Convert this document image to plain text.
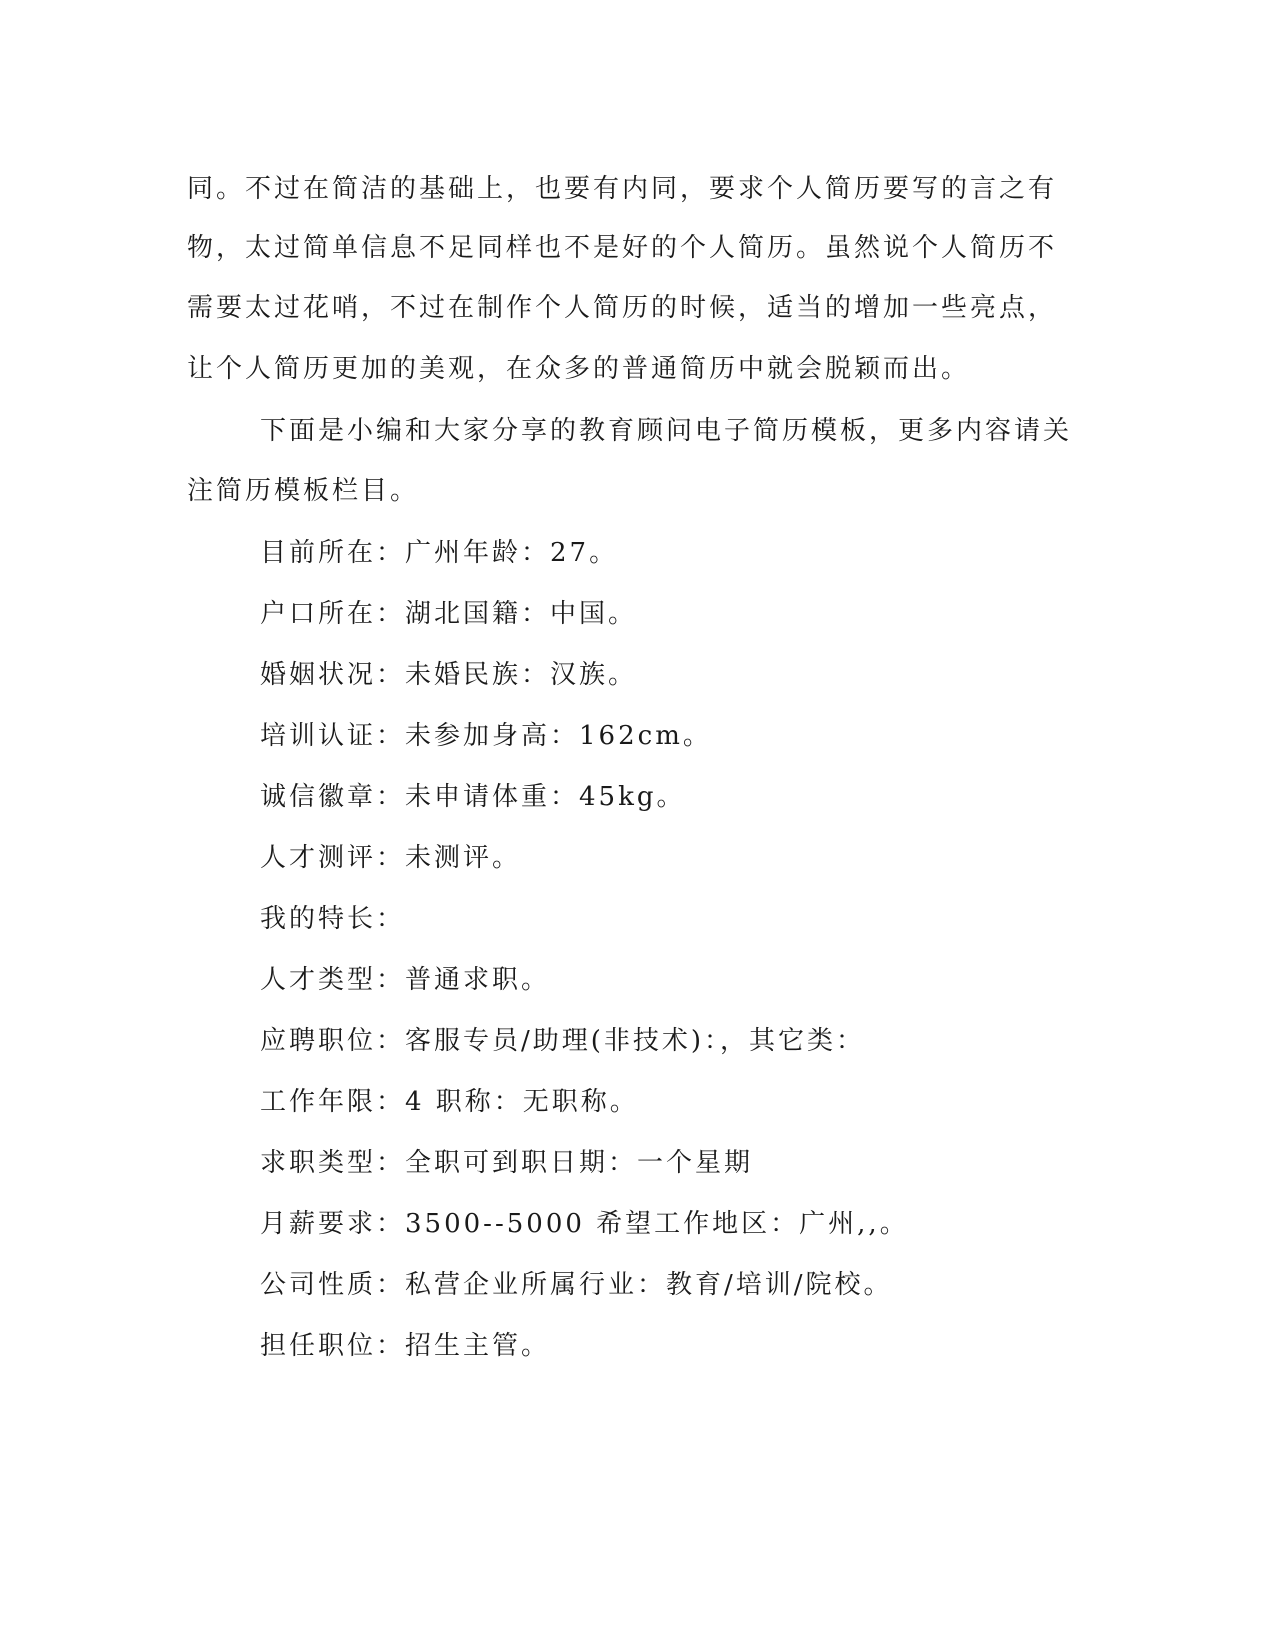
同。不过在简洁的基础上，也要有内同，要求个人简历要写的言之有
物，太过简单信息不足同样也不是好的个人简历。虽然说个人简历不
需要太过花哨，不过在制作个人简历的时候，适当的增加一些亮点，
让个人简历更加的美观，在众多的普通简历中就会脱颖而出。
下面是小编和大家分享的教育顾问电子简历模板，更多内容请关
注简历模板栏目。
目前所在：广州年龄：27。
户口所在：湖北国籍：中国。
婚姻状况：未婚民族：汉族。
培训认证：未参加身高：162cm。
诚信徽章：未申请体重：45kg。
人才测评：未测评。
我的特长：
人才类型：普通求职。
应聘职位：客服专员/助理(非技术)：，其它类：
工作年限：4 职称：无职称。
求职类型：全职可到职日期：一个星期
月薪要求：3500--5000 希望工作地区：广州,,。
公司性质：私营企业所属行业：教育/培训/院校。
担任职位：招生主管。
